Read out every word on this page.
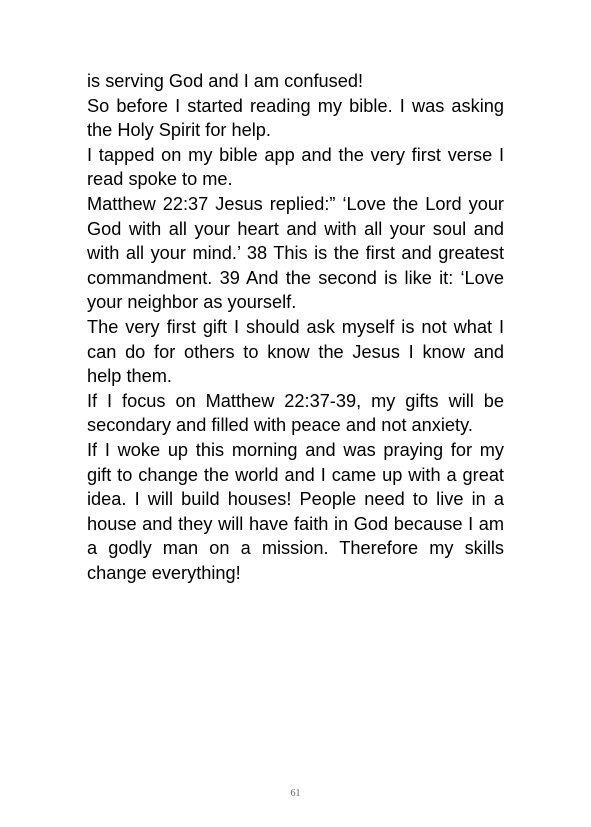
is serving God and I am confused!

So before I started reading my bible. I was asking the Holy Spirit for help.

I tapped on my bible app and the very first verse I read spoke to me.

Matthew 22:37 Jesus replied:” ‘Love the Lord your God with all your heart and with all your soul and with all your mind.’ 38 This is the first and greatest commandment. 39 And the second is like it: ‘Love your neighbor as yourself.

The very first gift I should ask myself is not what I can do for others to know the Jesus I know and help them.

If I focus on Matthew 22:37-39, my gifts will be secondary and filled with peace and not anxiety.

If I woke up this morning and was praying for my gift to change the world and I came up with a great idea. I will build houses! People need to live in a house and they will have faith in God because I am a godly man on a mission. Therefore my skills change everything!

61
